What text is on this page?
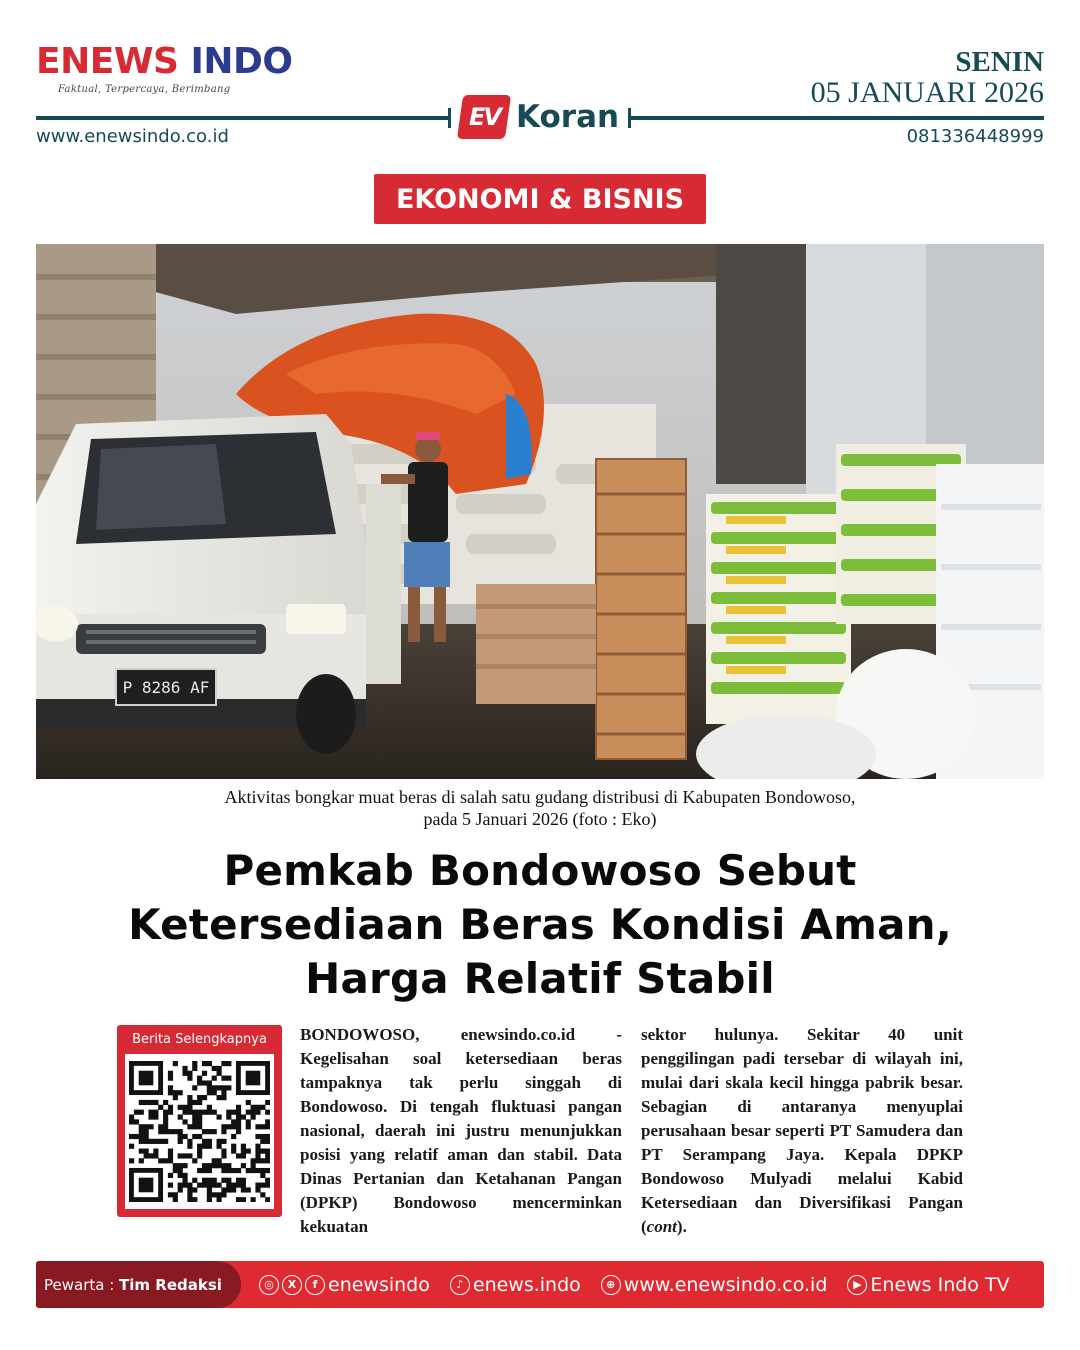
ENEWS INDO
Faktual, Terpercaya, Berimbang
SENIN
05 JANUARI 2026
EV Koran
www.enewsindo.co.id	081336448999
EKONOMI & BISNIS
P 8286 AF
Aktivitas bongkar muat beras di salah satu gudang distribusi di Kabupaten Bondowoso,
pada 5 Januari 2026 (foto : Eko)
Pemkab Bondowoso Sebut
Ketersediaan Beras Kondisi Aman,
Harga Relatif Stabil
Berita Selengkapnya	BONDOWOSO, enewsindo.co.id - Kegelisahan soal ketersediaan beras tampaknya tak perlu singgah di Bondowoso. Di tengah fluktuasi pangan nasional, daerah ini justru menunjukkan posisi yang relatif aman dan stabil. Data Dinas Pertanian dan Ketahanan Pangan (DPKP) Bondowoso mencerminkan kekuatan
sektor hulunya. Sekitar 40 unit penggilingan padi tersebar di wilayah ini, mulai dari skala kecil hingga pabrik besar. Sebagian di antaranya menyuplai perusahaan besar seperti PT Samudera dan PT Serampang Jaya. Kepala DPKP Bondowoso Mulyadi melalui Kabid Ketersediaan dan Diversifikasi Pangan (cont).
Pewarta :
Tim Redaksi	◎	X	f enewsindo	♪ enews.indo	⊕ www.enewsindo.co.id	▶ Enews Indo TV
